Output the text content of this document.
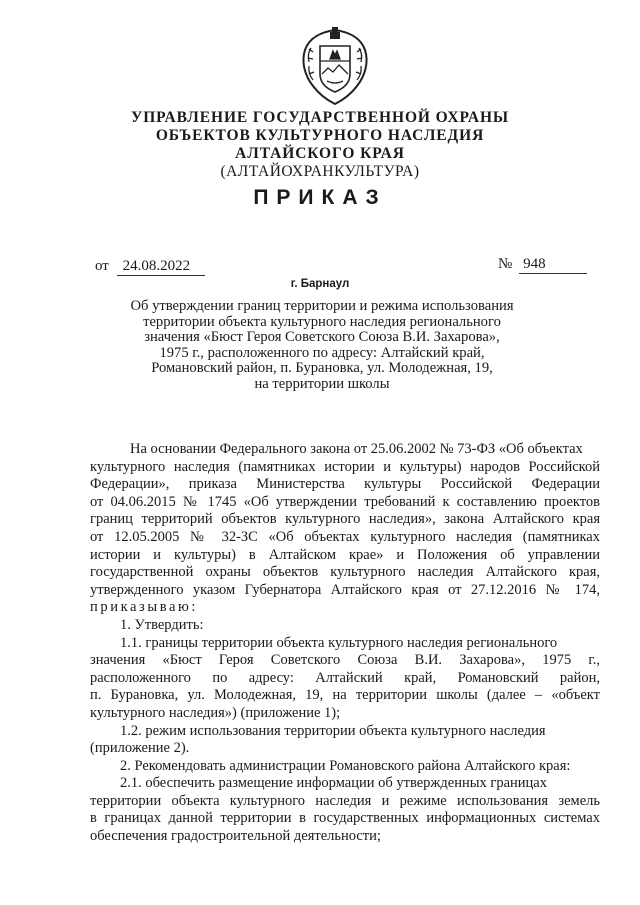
УПРАВЛЕНИЕ ГОСУДАРСТВЕННОЙ ОХРАНЫ
ОБЪЕКТОВ КУЛЬТУРНОГО НАСЛЕДИЯ
АЛТАЙСКОГО КРАЯ
(АЛТАЙОХРАНКУЛЬТУРА)
ПРИКАЗ
от 24.08.2022	№ 948
г. Барнаул
Об утверждении границ территории и режима использования
территории объекта культурного наследия регионального
значения «Бюст Героя Советского Союза В.И. Захарова»,
1975 г., расположенного по адресу: Алтайский край,
Романовский район, п. Бурановка, ул. Молодежная, 19,
на территории школы
На основании Федерального закона от 25.06.2002 № 73-ФЗ «Об объектах
культурного наследия (памятниках истории и культуры) народов Российской
Федерации», приказа Министерства культуры Российской Федерации
от 04.06.2015 № 1745 «Об утверждении требований к составлению проектов
границ территорий объектов культурного наследия», закона Алтайского края
от 12.05.2005 № 32-ЗС «Об объектах культурного наследия (памятниках
истории и культуры) в Алтайском крае» и Положения об управлении
государственной охраны объектов культурного наследия Алтайского края,
утвержденного указом Губернатора Алтайского края от 27.12.2016 № 174,
приказываю:
1. Утвердить:
1.1. границы территории объекта культурного наследия регионального
значения «Бюст Героя Советского Союза В.И. Захарова», 1975 г.,
расположенного по адресу: Алтайский край, Романовский район,
п. Бурановка, ул. Молодежная, 19, на территории школы (далее – «объект
культурного наследия») (приложение 1);
1.2. режим использования территории объекта культурного наследия
(приложение 2).
2. Рекомендовать администрации Романовского района Алтайского края:
2.1. обеспечить размещение информации об утвержденных границах
территории объекта культурного наследия и режиме использования земель
в границах данной территории в государственных информационных системах
обеспечения градостроительной деятельности;
